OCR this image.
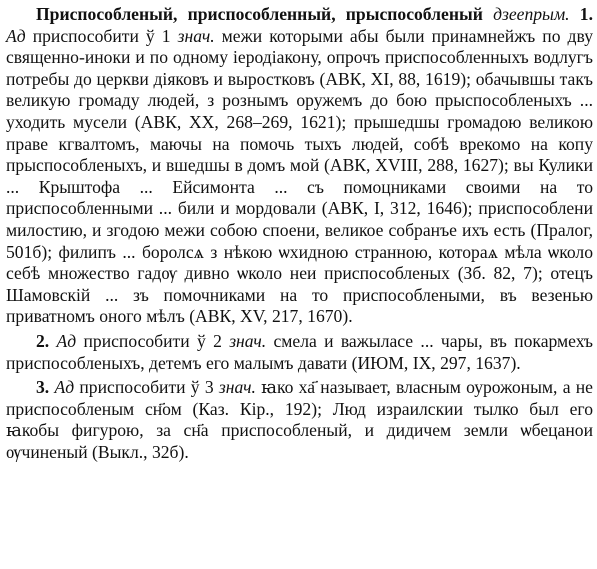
Приспособленый, приспособленный, прыспособленый дзеепрым. 1. Ад приспособити ў 1 знач. межи которыми абы были принамнейжъ по дву священно-иноки и по одному іеродіакону, опрочъ приспособленныхъ водлугъ потребы до церкви діяковъ и выростковъ (АВК, XI, 88, 1619); обачывшы такъ великую громаду людей, з рознымъ оружемъ до бою прыспособленыхъ ... уходить мусели (АВК, XX, 268–269, 1621); прышедшы громадою великою праве кгвалтомъ, маючы на помочь тыхъ людей, собѣ врекомо на копу прыспособленыхъ, и вшедшы в домъ мой (АВК, XVIII, 288, 1627); вы Кулики ... Крыштофа ... Ейсимонта ... съ помоцниками своими на то приспособленными ... били и мордовали (АВК, I, 312, 1646); приспособлени милостию, и згодою межи собою споени, великое собранъе ихъ есть (Пралог, 501б); филипъ ... боролсѧ з нѣкою ѡхидною странною, котораѧ мѣла ѡколо себѣ множество гадѹ дивно ѡколо неи приспособленых (Зб. 82, 7); отецъ Шамовскій ... зъ помочниками на то приспособлеными, въ везенью приватномъ оного мѣлъ (АВК, XV, 217, 1670).

2. Ад приспособити ў 2 знач. смела и важыласе ... чары, въ покармехъ приспособленыхъ, детемъ его малымъ давати (ИЮМ, IX, 297, 1637).

3. Ад приспособити ў 3 знач. ꙗко ха҃ называет, власным оурожоным, а не приспособленым сн҃ом (Каз. Кір., 192); Люд израилскии тылко был его ꙗкобы фигурою, за сн҃а приспособленый, и дидичем земли ѡбецанои ѹчиненый (Выкл., 32б).
